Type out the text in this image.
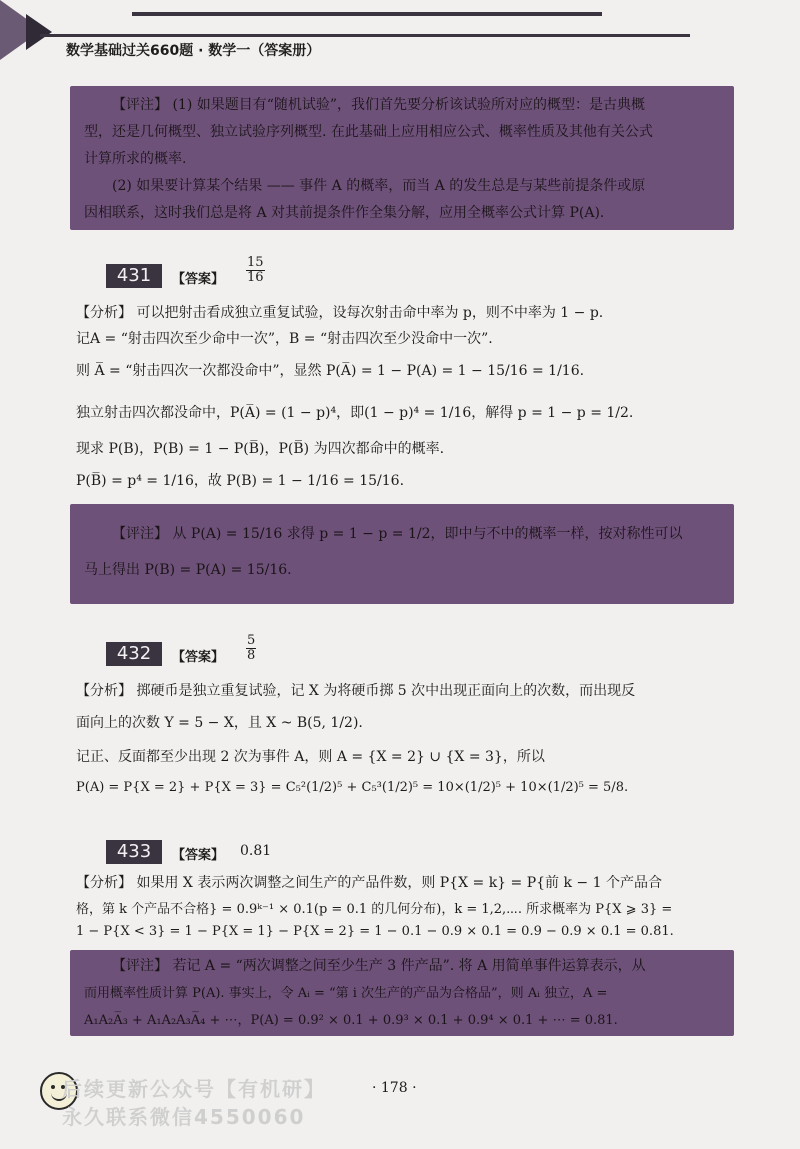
数学基础过关660题 · 数学一（答案册）

【评注】 (1) 如果题目有“随机试验”，我们首先要分析该试验所对应的概型：是古典概

型，还是几何概型、独立试验序列概型. 在此基础上应用相应公式、概率性质及其他有关公式

计算所求的概率.

(2) 如果要计算某个结果 —— 事件 A 的概率，而当 A 的发生总是与某些前提条件或原

因相联系，这时我们总是将 A 对其前提条件作全集分解，应用全概率公式计算 P(A).

431	【答案】 $\frac{15}{16}$
【分析】 可以把射击看成独立重复试验，设每次射击命中率为 p，则不中率为 1 − p.
记A = “射击四次至少命中一次”，B = “射击四次至少没命中一次”.
则 A̅ = “射击四次一次都没命中”，显然 P(A̅) = 1 − P(A) = 1 − 15/16 = 1/16.
独立射击四次都没命中，P(A̅) = (1 − p)⁴，即(1 − p)⁴ = 1/16，解得 p = 1 − p = 1/2.
现求 P(B)，P(B) = 1 − P(B̅)，P(B̅) 为四次都命中的概率.
P(B̅) = p⁴ = 1/16，故 P(B) = 1 − 1/16 = 15/16.

【评注】 从 P(A) = 15/16 求得 p = 1 − p = 1/2，即中与不中的概率一样，按对称性可以

马上得出 P(B) = P(A) = 15/16.

432	【答案】 $\frac{5}{8}$
【分析】 掷硬币是独立重复试验，记 X 为将硬币掷 5 次中出现正面向上的次数，而出现反
面向上的次数 Y = 5 − X，且 X ~ B(5, 1/2).
记正、反面都至少出现 2 次为事件 A，则 A = {X = 2} ∪ {X = 3}，所以
P(A) = P{X = 2} + P{X = 3} = C₅²(1/2)⁵ + C₅³(1/2)⁵ = 10×(1/2)⁵ + 10×(1/2)⁵ = 5/8.
433	【答案】 0.81
【分析】 如果用 X 表示两次调整之间生产的产品件数，则 P{X = k} = P{前 k − 1 个产品合
格，第 k 个产品不合格} = 0.9ᵏ⁻¹ × 0.1(p = 0.1 的几何分布)，k = 1,2,⋯. 所求概率为 P{X ⩾ 3} =
1 − P{X < 3} = 1 − P{X = 1} − P{X = 2} = 1 − 0.1 − 0.9 × 0.1 = 0.9 − 0.9 × 0.1 = 0.81.

【评注】 若记 A = “两次调整之间至少生产 3 件产品”. 将 A 用简单事件运算表示，从

而用概率性质计算 P(A). 事实上，令 Aᵢ = “第 i 次生产的产品为合格品”，则 Aᵢ 独立，A =

A₁A₂A̅₃ + A₁A₂A₃A̅₄ + ⋯，P(A) = 0.9² × 0.1 + 0.9³ × 0.1 + 0.9⁴ × 0.1 + ⋯ = 0.81.

后续更新公众号【有机研】
永久联系微信4550060
· 178 ·
